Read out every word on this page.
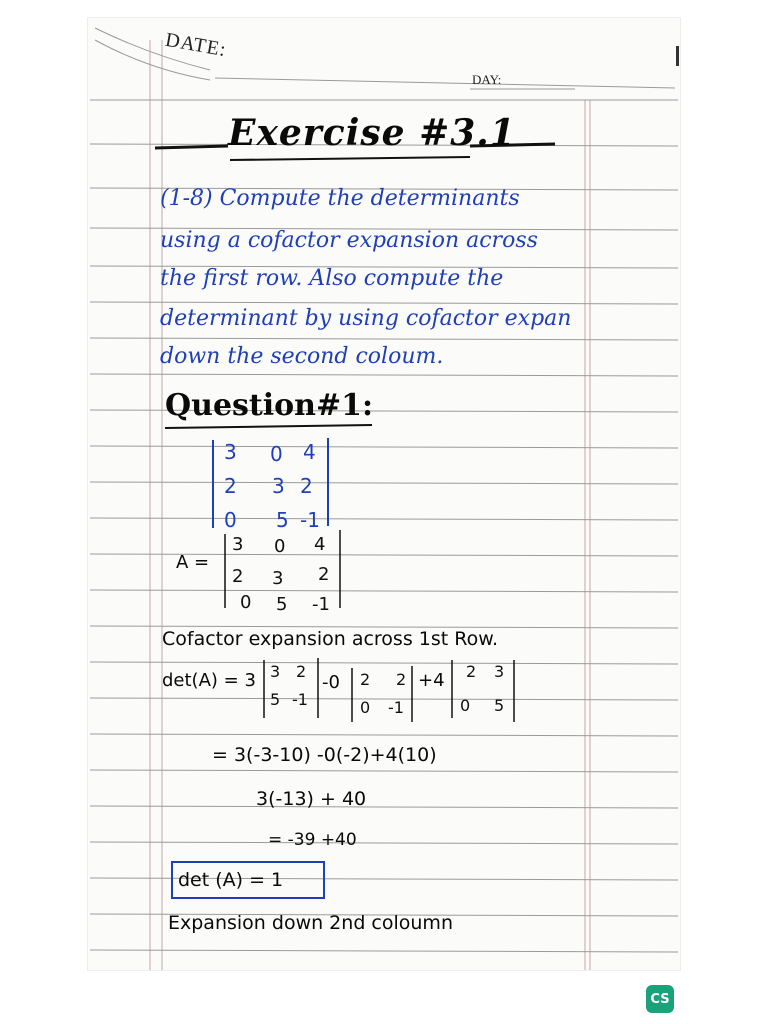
DATE:
DAY:
Exercise #3.1
(1-8) Compute the determinants
using a cofactor expansion across
the first row. Also compute the
determinant by using cofactor expan
down the second coloum.
Question#1:
3 0 4
2 3 2
0 5 -1
A =
3 0 4
2 3 2
0 5 -1
Cofactor expansion across 1st Row.
det(A) = 3 3 2
5 -1
-0 2 2
0 -1
+4 2 3
0 5
= 3(-3-10) -0(-2)+4(10)
3(-13) + 40
= -39 +40
det (A) = 1
Expansion down 2nd coloumn
CS
